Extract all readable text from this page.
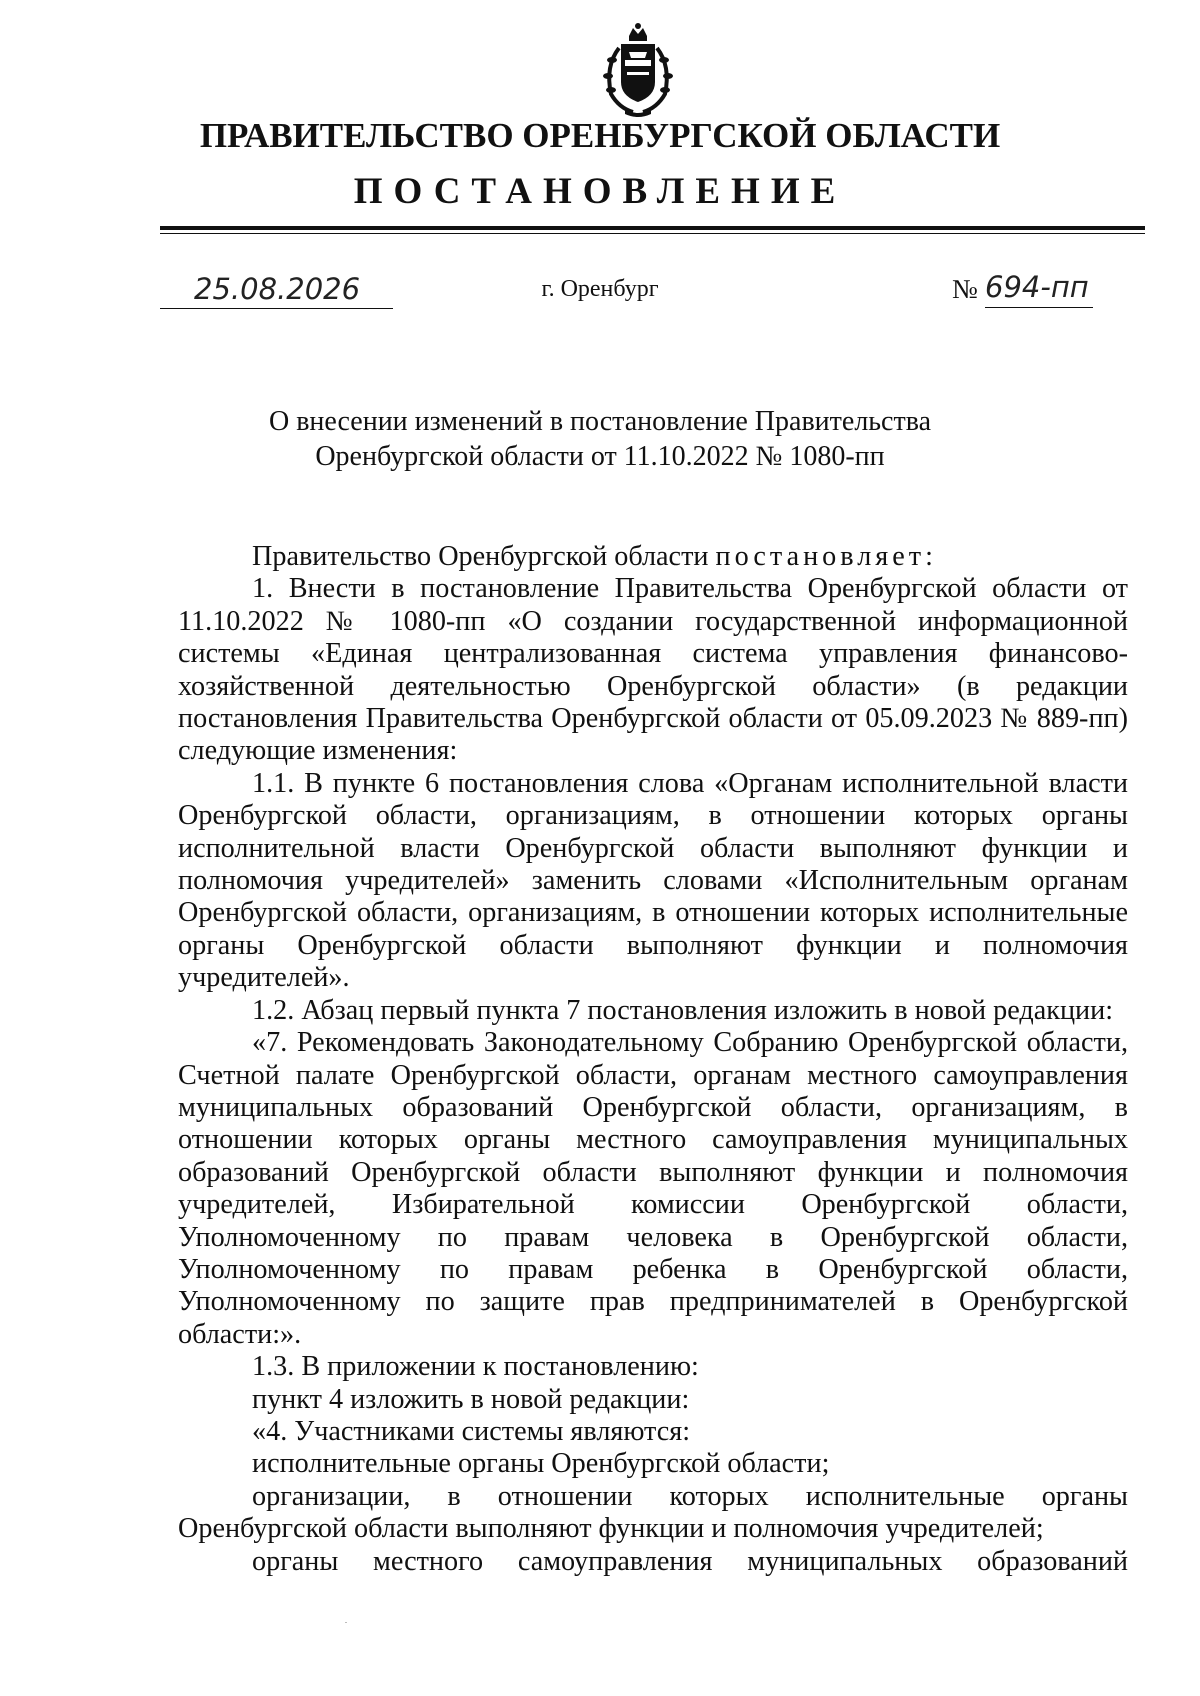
ПРАВИТЕЛЬСТВО ОРЕНБУРГСКОЙ ОБЛАСТИ
ПОСТАНОВЛЕНИЕ
25.08.2026	г. Оренбург	№ 694-пп
О внесении изменений в постановление Правительства
Оренбургской области от 11.10.2022 № 1080-пп

Правительство Оренбургской области постановляет:

1. Внести в постановление Правительства Оренбургской области от 11.10.2022 № 1080-пп «О создании государственной информационной системы «Единая централизованная система управления финансово-хозяйственной деятельностью Оренбургской области» (в редакции постановления Правительства Оренбургской области от 05.09.2023 № 889-пп) следующие изменения:

1.1. В пункте 6 постановления слова «Органам исполнительной власти Оренбургской области, организациям, в отношении которых органы исполнительной власти Оренбургской области выполняют функции и полномочия учредителей» заменить словами «Исполнительным органам Оренбургской области, организациям, в отношении которых исполнительные органы Оренбургской области выполняют функции и полномочия учредителей».

1.2. Абзац первый пункта 7 постановления изложить в новой редакции:

«7. Рекомендовать Законодательному Собранию Оренбургской области, Счетной палате Оренбургской области, органам местного самоуправления муниципальных образований Оренбургской области, организациям, в отношении которых органы местного самоуправления муниципальных образований Оренбургской области выполняют функции и полномочия учредителей, Избирательной комиссии Оренбургской области, Уполномоченному по правам человека в Оренбургской области, Уполномоченному по правам ребенка в Оренбургской области, Уполномоченному по защите прав предпринимателей в Оренбургской области:».

1.3. В приложении к постановлению:

пункт 4 изложить в новой редакции:

«4. Участниками системы являются:

исполнительные органы Оренбургской области;

организации, в отношении которых исполнительные органы Оренбургской области выполняют функции и полномочия учредителей;

органы местного самоуправления муниципальных образований
